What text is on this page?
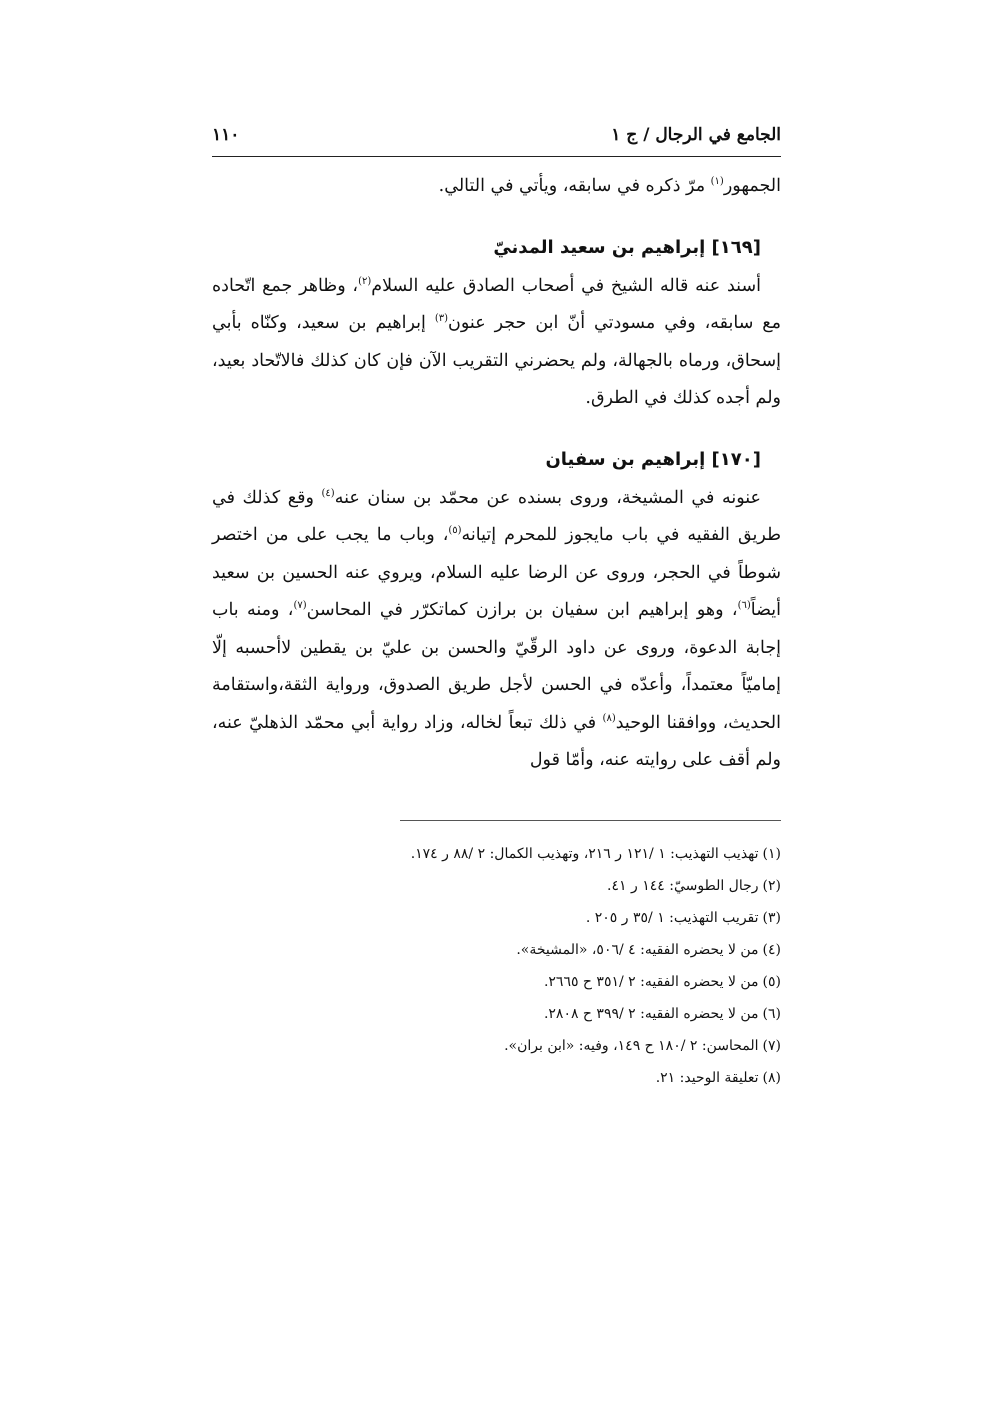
الجامع في الرجال / ج ١
١١٠

الجمهور$^{(١)}$ مرّ ذكره في سابقه، ويأتي في التالي.

[١٦٩] إبراهيم بن سعيد المدنيّ

أسند عنه قاله الشيخ في أصحاب الصادق عليه السلام$^{(٢)}$، وظاهر جمع اتّحاده مع سابقه، وفي مسودتي أنّ ابن حجر عنون$^{(٣)}$ إبراهيم بن سعيد، وكنّاه بأبي إسحاق، ورماه بالجهالة، ولم يحضرني التقريب الآن فإن كان كذلك فالاتّحاد بعيد، ولم أجده كذلك في الطرق.

[١٧٠] إبراهيم بن سفيان

عنونه في المشيخة، وروى بسنده عن محمّد بن سنان عنه$^{(٤)}$ وقع كذلك في طريق الفقيه في باب مايجوز للمحرم إتيانه$^{(٥)}$، وباب ما يجب على من اختصر شوطاً في الحجر، وروى عن الرضا عليه السلام، ويروي عنه الحسين بن سعيد أيضاً$^{(٦)}$، وهو إبراهيم ابن سفيان بن برازن كماتكرّر في المحاسن$^{(٧)}$، ومنه باب إجابة الدعوة، وروى عن داود الرقّيّ والحسن بن عليّ بن يقطين لاأحسبه إلّا إماميّاً معتمداً، وأعدّه في الحسن لأجل طريق الصدوق، ورواية الثقة،واستقامة الحديث، ووافقنا الوحيد$^{(٨)}$ في ذلك تبعاً لخاله، وزاد رواية أبي محمّد الذهليّ عنه، ولم أقف على روايته عنه، وأمّا قول

(١)تهذيب التهذيب: ١ /١٢١ ر ٢١٦، وتهذيب الكمال: ٢ /٨٨ ر ١٧٤.
(٢)رجال الطوسيّ: ١٤٤ ر ٤١.
(٣)تقريب التهذيب: ١ /٣٥ ر ٢٠٥ .
(٤)من لا يحضره الفقيه: ٤ /٥٠٦، «المشيخة».
(٥)من لا يحضره الفقيه: ٢ /٣٥١ ح ٢٦٦٥.
(٦)من لا يحضره الفقيه: ٢ /٣٩٩ ح ٢٨٠٨.
(٧)المحاسن: ٢ /١٨٠ ح ١٤٩، وفيه: «ابن بران».
(٨)تعليقة الوحيد: ٢١.
